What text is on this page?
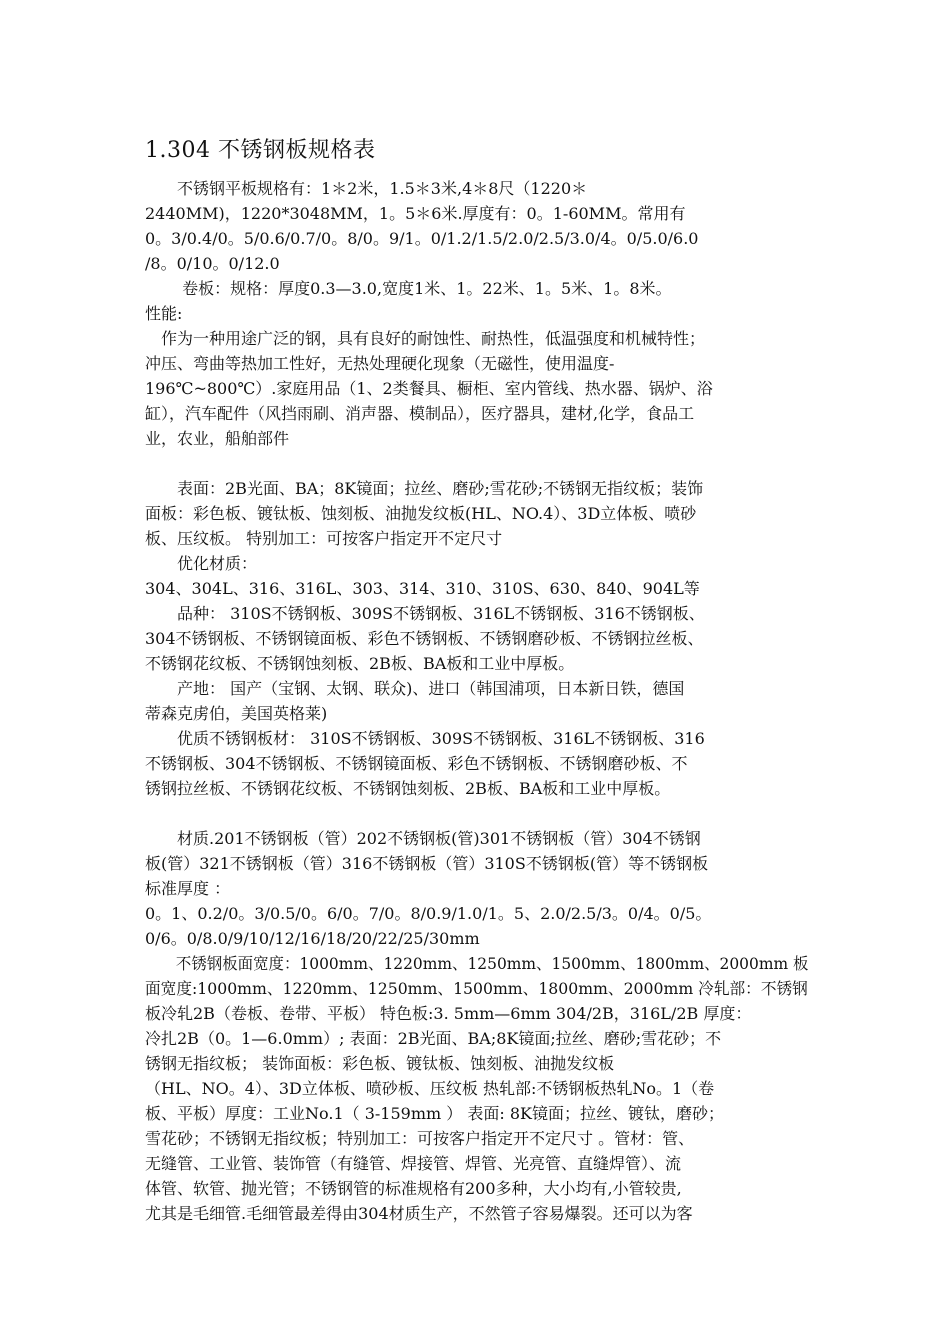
1.304 不锈钢板规格表
　　不锈钢平板规格有：1＊2米，1.5＊3米,4＊8尺（1220＊
2440MM)，1220*3048MM，1。5＊6米.厚度有：0。1-60MM。常用有
0。3/0.4/0。5/0.6/0.7/0。8/0。9/1。0/1.2/1.5/2.0/2.5/3.0/4。0/5.0/6.0
/8。0/10。0/12.0
　　 卷板：规格：厚度0.3—3.0,宽度1米、1。22米、1。5米、1。8米。
性能:
　作为一种用途广泛的钢，具有良好的耐蚀性、耐热性，低温强度和机械特性；
冲压、弯曲等热加工性好，无热处理硬化现象（无磁性，使用温度-
196℃~800℃）.家庭用品（1、2类餐具、橱柜、室内管线、热水器、锅炉、浴
缸），汽车配件（风挡雨刷、消声器、模制品），医疗器具，建材,化学，食品工
业，农业，船舶部件
　　表面：2B光面、BA；8K镜面；拉丝、磨砂;雪花砂;不锈钢无指纹板；装饰
面板：彩色板、镀钛板、蚀刻板、油抛发纹板(HL、NO.4）、3D立体板、喷砂
板、压纹板。 特别加工：可按客户指定开不定尺寸
　　优化材质：
304、304L、316、316L、303、314、310、310S、630、840、904L等
　　品种： 310S不锈钢板、309S不锈钢板、316L不锈钢板、316不锈钢板、
304不锈钢板、不锈钢镜面板、彩色不锈钢板、不锈钢磨砂板、不锈钢拉丝板、
不锈钢花纹板、不锈钢蚀刻板、2B板、BA板和工业中厚板。
　　产地： 国产（宝钢、太钢、联众)、进口（韩国浦项，日本新日铁，德国
蒂森克虏伯，美国英格莱)
　　优质不锈钢板材： 310S不锈钢板、309S不锈钢板、316L不锈钢板、316
不锈钢板、304不锈钢板、不锈钢镜面板、彩色不锈钢板、不锈钢磨砂板、不
锈钢拉丝板、不锈钢花纹板、不锈钢蚀刻板、2B板、BA板和工业中厚板。
　　材质.201不锈钢板（管）202不锈钢板(管)301不锈钢板（管）304不锈钢
板(管）321不锈钢板（管）316不锈钢板（管）310S不锈钢板(管）等不锈钢板
标准厚度 ：
0。1、0.2/0。3/0.5/0。6/0。7/0。8/0.9/1.0/1。5、2.0/2.5/3。0/4。0/5。
0/6。0/8.0/9/10/12/16/18/20/22/25/30mm
　　不锈钢板面宽度：1000mm、1220mm、1250mm、1500mm、1800mm、2000mm 板
面宽度:1000mm、1220mm、1250mm、1500mm、1800mm、2000mm 冷轧部：不锈钢
板冷轧2B（卷板、卷带、平板） 特色板:3. 5mm—6mm 304/2B，316L/2B 厚度：
冷扎2B（0。1—6.0mm）; 表面：2B光面、BA;8K镜面;拉丝、磨砂;雪花砂；不
锈钢无指纹板； 装饰面板：彩色板、镀钛板、蚀刻板、油抛发纹板
（HL、NO。4）、3D立体板、喷砂板、压纹板 热轧部:不锈钢板热轧No。1（卷
板、平板）厚度：工业No.1（ 3-159mm ） 表面: 8K镜面；拉丝、镀钛，磨砂；
雪花砂；不锈钢无指纹板；特别加工：可按客户指定开不定尺寸 。管材：管、
无缝管、工业管、装饰管（有缝管、焊接管、焊管、光亮管、直缝焊管）、流
体管、软管、抛光管；不锈钢管的标准规格有200多种，大小均有,小管较贵,
尤其是毛细管.毛细管最差得由304材质生产，不然管子容易爆裂。还可以为客
